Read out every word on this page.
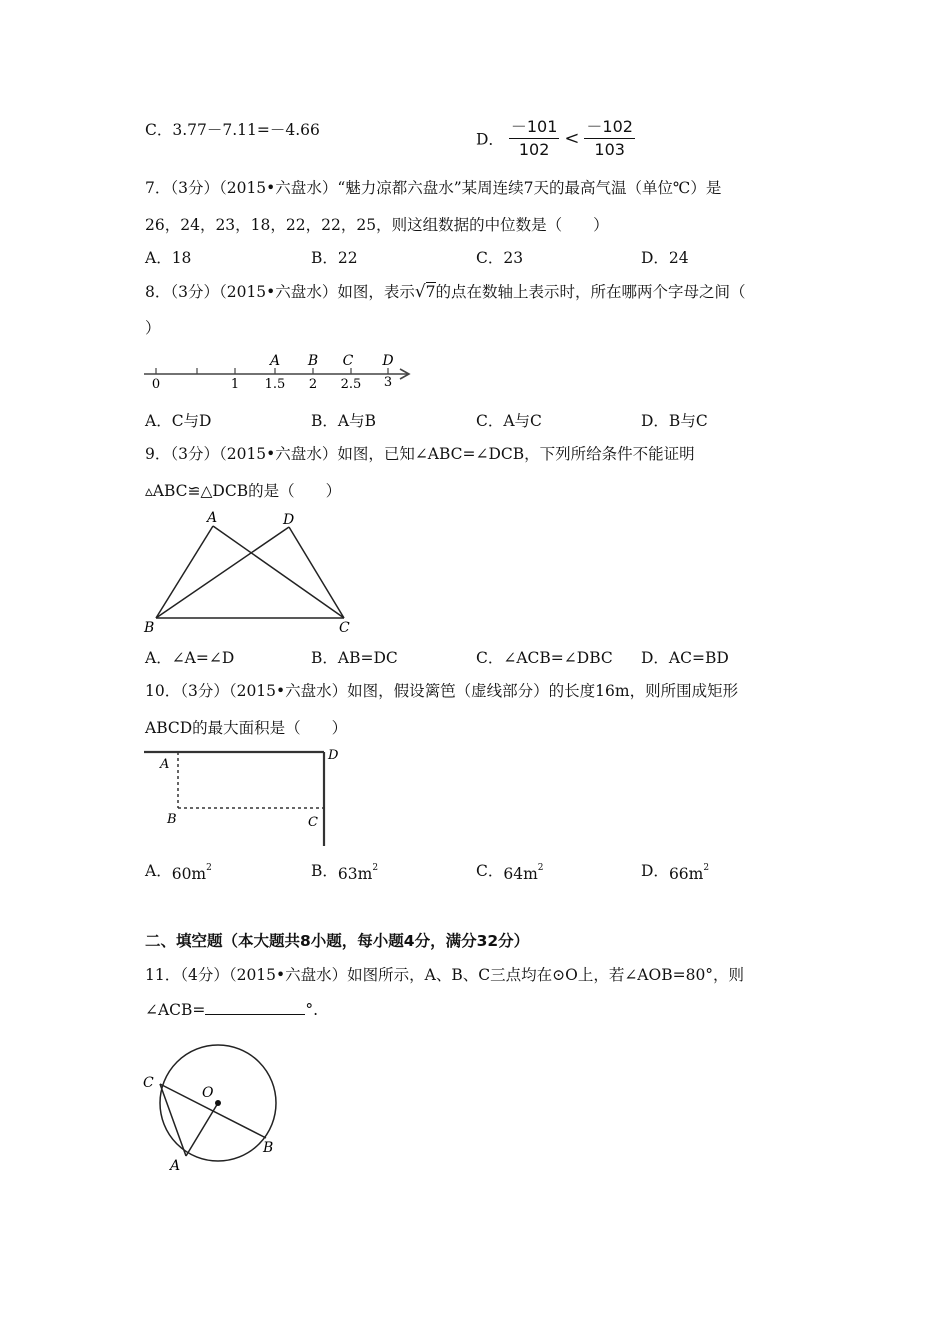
C．3.77－7.11=－4.66
D． $\frac{-101}{102} < \frac{-102}{103}$
7．（3分）（2015•六盘水）“魅力凉都六盘水”某周连续7天的最高气温（单位℃）是
26，24，23，18，22，22，25，则这组数据的中位数是（　　）
A．18	B．22	C．23	D．24
8．（3分）（2015•六盘水）如图，表示√7的点在数轴上表示时，所在哪两个字母之间（
）
0	1 1.5 2 2.5 3
A B C D
A．C与D	B．A与B	C．A与C	D．B与C
9．（3分）（2015•六盘水）如图，已知∠ABC=∠DCB，下列所给条件不能证明
▵ABC≌△DCB的是（　　）
A	D
B	C
A．∠A=∠D	B．AB=DC	C．∠ACB=∠DBC D．AC=BD
10．（3分）（2015•六盘水）如图，假设篱笆（虚线部分）的长度16m，则所围成矩形
ABCD的最大面积是（　　）
A
D
B	C
A．$60m^2$	B．$63m^2$	C．$64m^2$	D．$66m^2$
二、填空题（本大题共8小题，每小题4分，满分32分）
11．（4分）（2015•六盘水）如图所示，A、B、C三点均在⊙O上，若∠AOB=80°，则
∠ACB=	°.
C
O
A
B
